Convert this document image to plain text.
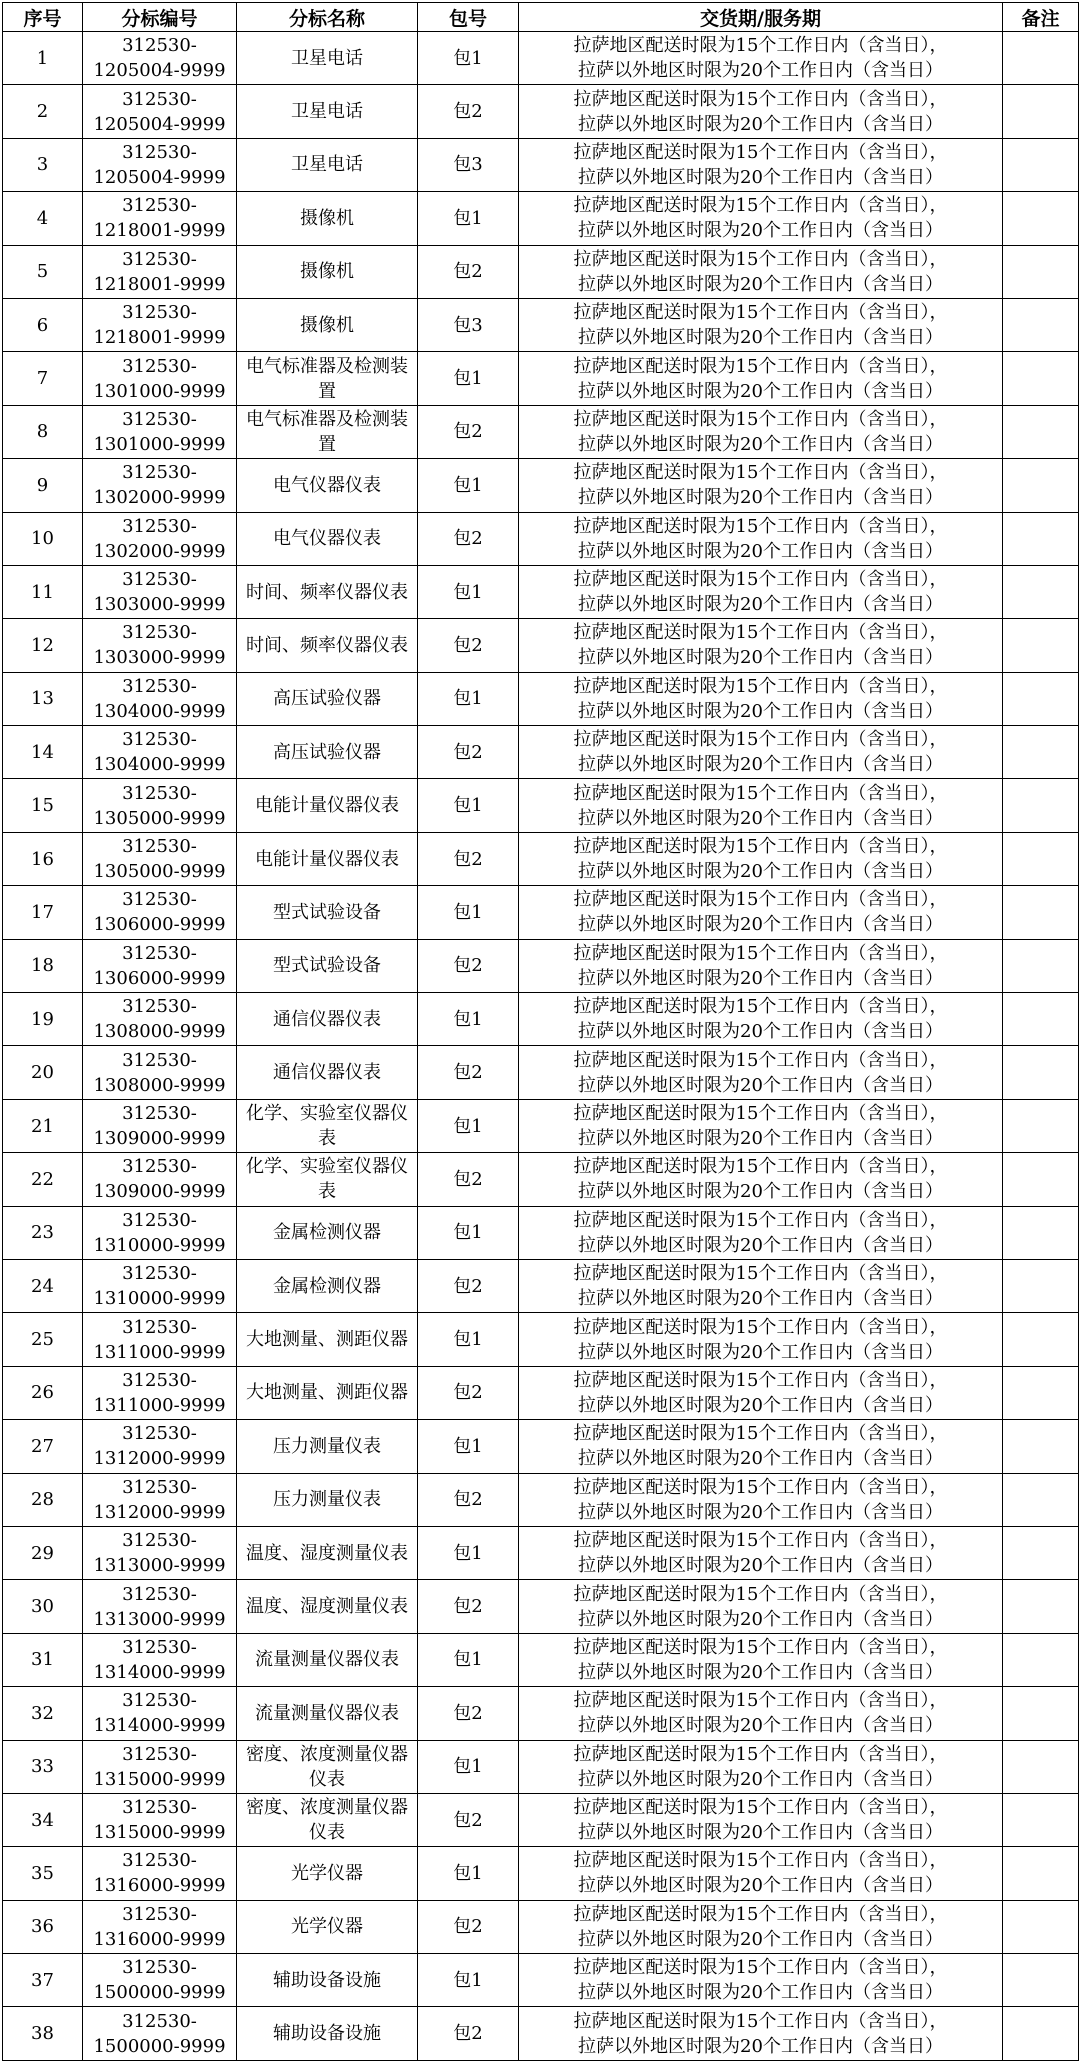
序号	分标编号	分标名称	包号	交货期/服务期	备注
1	312530-
1205004-9999	卫星电话	包1	拉萨地区配送时限为15个工作日内（含当日），
拉萨以外地区时限为20个工作日内（含当日）	
2	312530-
1205004-9999	卫星电话	包2	拉萨地区配送时限为15个工作日内（含当日），
拉萨以外地区时限为20个工作日内（含当日）	
3	312530-
1205004-9999	卫星电话	包3	拉萨地区配送时限为15个工作日内（含当日），
拉萨以外地区时限为20个工作日内（含当日）	
4	312530-
1218001-9999	摄像机	包1	拉萨地区配送时限为15个工作日内（含当日），
拉萨以外地区时限为20个工作日内（含当日）	
5	312530-
1218001-9999	摄像机	包2	拉萨地区配送时限为15个工作日内（含当日），
拉萨以外地区时限为20个工作日内（含当日）	
6	312530-
1218001-9999	摄像机	包3	拉萨地区配送时限为15个工作日内（含当日），
拉萨以外地区时限为20个工作日内（含当日）	
7	312530-
1301000-9999	电气标准器及检测装置	包1	拉萨地区配送时限为15个工作日内（含当日），
拉萨以外地区时限为20个工作日内（含当日）	
8	312530-
1301000-9999	电气标准器及检测装置	包2	拉萨地区配送时限为15个工作日内（含当日），
拉萨以外地区时限为20个工作日内（含当日）	
9	312530-
1302000-9999	电气仪器仪表	包1	拉萨地区配送时限为15个工作日内（含当日），
拉萨以外地区时限为20个工作日内（含当日）	
10	312530-
1302000-9999	电气仪器仪表	包2	拉萨地区配送时限为15个工作日内（含当日），
拉萨以外地区时限为20个工作日内（含当日）	
11	312530-
1303000-9999	时间、频率仪器仪表	包1	拉萨地区配送时限为15个工作日内（含当日），
拉萨以外地区时限为20个工作日内（含当日）	
12	312530-
1303000-9999	时间、频率仪器仪表	包2	拉萨地区配送时限为15个工作日内（含当日），
拉萨以外地区时限为20个工作日内（含当日）	
13	312530-
1304000-9999	高压试验仪器	包1	拉萨地区配送时限为15个工作日内（含当日），
拉萨以外地区时限为20个工作日内（含当日）	
14	312530-
1304000-9999	高压试验仪器	包2	拉萨地区配送时限为15个工作日内（含当日），
拉萨以外地区时限为20个工作日内（含当日）	
15	312530-
1305000-9999	电能计量仪器仪表	包1	拉萨地区配送时限为15个工作日内（含当日），
拉萨以外地区时限为20个工作日内（含当日）	
16	312530-
1305000-9999	电能计量仪器仪表	包2	拉萨地区配送时限为15个工作日内（含当日），
拉萨以外地区时限为20个工作日内（含当日）	
17	312530-
1306000-9999	型式试验设备	包1	拉萨地区配送时限为15个工作日内（含当日），
拉萨以外地区时限为20个工作日内（含当日）	
18	312530-
1306000-9999	型式试验设备	包2	拉萨地区配送时限为15个工作日内（含当日），
拉萨以外地区时限为20个工作日内（含当日）	
19	312530-
1308000-9999	通信仪器仪表	包1	拉萨地区配送时限为15个工作日内（含当日），
拉萨以外地区时限为20个工作日内（含当日）	
20	312530-
1308000-9999	通信仪器仪表	包2	拉萨地区配送时限为15个工作日内（含当日），
拉萨以外地区时限为20个工作日内（含当日）	
21	312530-
1309000-9999	化学、实验室仪器仪表	包1	拉萨地区配送时限为15个工作日内（含当日），
拉萨以外地区时限为20个工作日内（含当日）	
22	312530-
1309000-9999	化学、实验室仪器仪表	包2	拉萨地区配送时限为15个工作日内（含当日），
拉萨以外地区时限为20个工作日内（含当日）	
23	312530-
1310000-9999	金属检测仪器	包1	拉萨地区配送时限为15个工作日内（含当日），
拉萨以外地区时限为20个工作日内（含当日）	
24	312530-
1310000-9999	金属检测仪器	包2	拉萨地区配送时限为15个工作日内（含当日），
拉萨以外地区时限为20个工作日内（含当日）	
25	312530-
1311000-9999	大地测量、测距仪器	包1	拉萨地区配送时限为15个工作日内（含当日），
拉萨以外地区时限为20个工作日内（含当日）	
26	312530-
1311000-9999	大地测量、测距仪器	包2	拉萨地区配送时限为15个工作日内（含当日），
拉萨以外地区时限为20个工作日内（含当日）	
27	312530-
1312000-9999	压力测量仪表	包1	拉萨地区配送时限为15个工作日内（含当日），
拉萨以外地区时限为20个工作日内（含当日）	
28	312530-
1312000-9999	压力测量仪表	包2	拉萨地区配送时限为15个工作日内（含当日），
拉萨以外地区时限为20个工作日内（含当日）	
29	312530-
1313000-9999	温度、湿度测量仪表	包1	拉萨地区配送时限为15个工作日内（含当日），
拉萨以外地区时限为20个工作日内（含当日）	
30	312530-
1313000-9999	温度、湿度测量仪表	包2	拉萨地区配送时限为15个工作日内（含当日），
拉萨以外地区时限为20个工作日内（含当日）	
31	312530-
1314000-9999	流量测量仪器仪表	包1	拉萨地区配送时限为15个工作日内（含当日），
拉萨以外地区时限为20个工作日内（含当日）	
32	312530-
1314000-9999	流量测量仪器仪表	包2	拉萨地区配送时限为15个工作日内（含当日），
拉萨以外地区时限为20个工作日内（含当日）	
33	312530-
1315000-9999	密度、浓度测量仪器仪表	包1	拉萨地区配送时限为15个工作日内（含当日），
拉萨以外地区时限为20个工作日内（含当日）	
34	312530-
1315000-9999	密度、浓度测量仪器仪表	包2	拉萨地区配送时限为15个工作日内（含当日），
拉萨以外地区时限为20个工作日内（含当日）	
35	312530-
1316000-9999	光学仪器	包1	拉萨地区配送时限为15个工作日内（含当日），
拉萨以外地区时限为20个工作日内（含当日）	
36	312530-
1316000-9999	光学仪器	包2	拉萨地区配送时限为15个工作日内（含当日），
拉萨以外地区时限为20个工作日内（含当日）	
37	312530-
1500000-9999	辅助设备设施	包1	拉萨地区配送时限为15个工作日内（含当日），
拉萨以外地区时限为20个工作日内（含当日）	
38	312530-
1500000-9999	辅助设备设施	包2	拉萨地区配送时限为15个工作日内（含当日），
拉萨以外地区时限为20个工作日内（含当日）	
